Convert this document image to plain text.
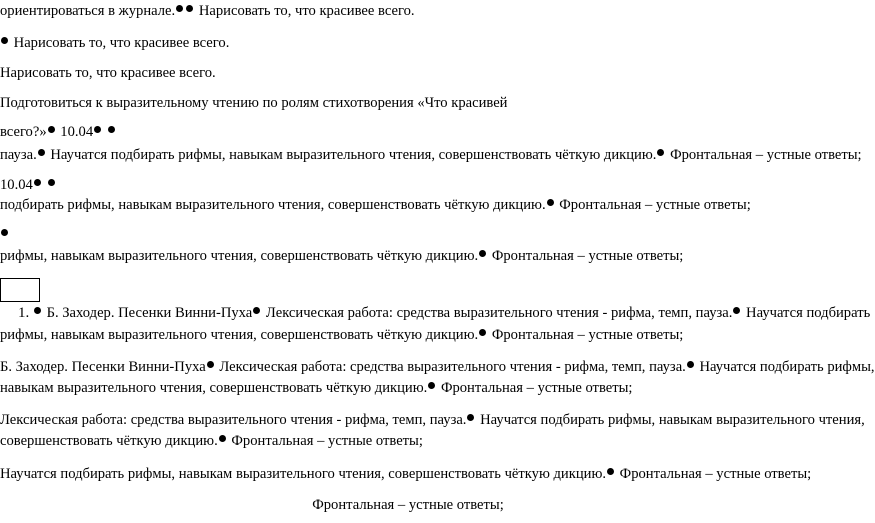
ориентироваться в журнале. Нарисовать то, что красивее всего.
Нарисовать то, что красивее всего.
Нарисовать то, что красивее всего.
Подготовиться к выразительному чтению по ролям стихотворения «Что красивей
всего?» 10.04
пауза. Научатся подбирать рифмы, навыкам выразительного чтения, совершенствовать чёткую дикцию. Фронтальная – устные ответы;
10.04
подбирать рифмы, навыкам выразительного чтения, совершенствовать чёткую дикцию. Фронтальная – устные ответы;
рифмы, навыкам выразительного чтения, совершенствовать чёткую дикцию. Фронтальная – устные ответы;
1. Б. Заходер. Песенки Винни-Пуха Лексическая работа: средства выразительного чтения - рифма, темп, пауза. Научатся подбирать
рифмы, навыкам выразительного чтения, совершенствовать чёткую дикцию. Фронтальная – устные ответы;
Б. Заходер. Песенки Винни-Пуха Лексическая работа: средства выразительного чтения - рифма, темп, пауза. Научатся подбирать рифмы,
навыкам выразительного чтения, совершенствовать чёткую дикцию. Фронтальная – устные ответы;
Лексическая работа: средства выразительного чтения - рифма, темп, пауза. Научатся подбирать рифмы, навыкам выразительного чтения,
совершенствовать чёткую дикцию. Фронтальная – устные ответы;
Научатся подбирать рифмы, навыкам выразительного чтения, совершенствовать чёткую дикцию. Фронтальная – устные ответы;
Фронтальная – устные ответы;
